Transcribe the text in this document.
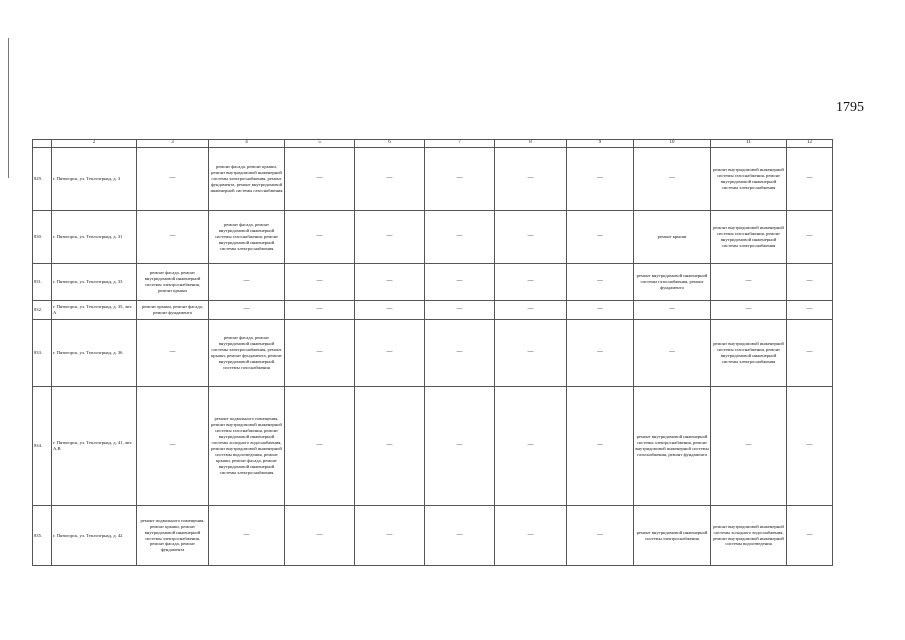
1795
	2	3	4	5	6	7	8	9	10	11	12
829.	г. Пятигорск, ул. Теплоэгрнад, д. 3	—	ремонт фасада, ремонт крыши, ремонт внутридомовой инженерной системы электроснабжения, ремонт фундамента, ремонт внутридомовой инженерной системы газоснабжения	—	—	—	—	—	—	ремонт внутридомовой инженерной системы газоснабжения, ремонт внутридомовой инженерной системы электроснабжения	—
830.	г. Пятигорск, ул. Теплоэгрнад, д. 31	—	ремонт фасада, ремонт внутридомовой инженерной системы газоснабжения, ремонт внутридомовой инженерной системы электроснабжения	—	—	—	—	—	ремонт крыши	ремонт внутридомовой инженерной системы газоснабжения, ремонт внутридомовой инженерной системы электроснабжения	—
831.	г. Пятигорск, ул. Теплоэгрнад, д. 33	ремонт фасада, ремонт внутридомовой инженерной системы электроснабжения, ремонт крыши	—	—	—	—	—	—	ремонт внутридомовой инженерной системы газоснабжения, ремонт фундамента	—	—
832.	г. Пятигорск, ул. Теплоэгрнад, д. 35, лит. А	ремонт крыши, ремонт фасада, ремонт фундамента	—	—	—	—	—	—	—	—	—
833.	г. Пятигорск, ул. Теплоэгрнад, д. 36	—	ремонт фасада, ремонт внутридомовой инженерной системы электроснабжения, ремонт крыши, ремонт фундамента, ремонт внутридомовой инженерной системы газоснабжения	—	—	—	—	—	—	ремонт внутридомовой инженерной системы газоснабжения, ремонт внутридомовой инженерной системы электроснабжения	—
834.	г. Пятигорск, ул. Теплоэгрнад, д. 41, лит. А,В	—	ремонт подвального помещения, ремонт внутридомовой инженерной системы газоснабжения, ремонт внутридомовой инженерной системы холодного водоснабжения, ремонт внутридомовой инженерной системы водоотведения, ремонт крыши, ремонт фасада, ремонт внутридомовой инженерной системы электроснабжения	—	—	—	—	—	ремонт внутридомовой инженерной системы электроснабжения, ремонт внутридомовой инженерной системы газоснабжения, ремонт фундамента	—	—
835.	г. Пятигорск, ул. Теплоэгрнад, д. 42	ремонт подвального помещения, ремонт крыши, ремонт внутридомовой инженерной системы электроснабжения, ремонт фасада, ремонт фундамента	—	—	—	—	—	—	ремонт внутридомовой инженерной системы электроснабжения	ремонт внутридомовой инженерной системы холодного водоснабжения, ремонт внутридомовой инженерной системы водоотведения	—
